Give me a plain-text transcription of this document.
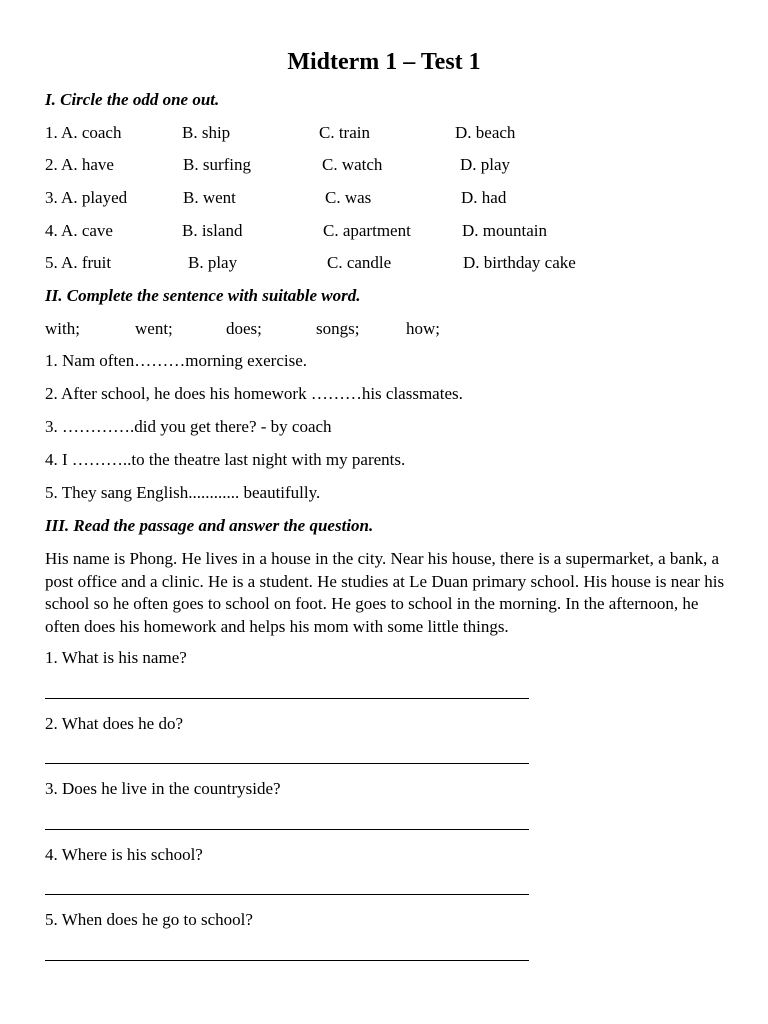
Midterm 1 – Test 1
I. Circle the odd one out.
1. A. coach	B. ship	C. train	D. beach
2. A. have	B. surfing	C. watch	D. play
3. A. played	B. went	C. was	D. had
4. A. cave	B. island	C. apartment	D. mountain
5. A. fruit	B. play	C. candle	D. birthday cake
II. Complete the sentence with suitable word.
with;	went;	does;	songs;	how;
1. Nam often………morning exercise.
2. After school, he does his homework ………his classmates.
3. ………….did you get there? - by coach
4. I ………..to the theatre last night with my parents.
5. They sang English............ beautifully.
III. Read the passage and answer the question.
His name is Phong. He lives in a house in the city. Near his house, there is a supermarket, a bank, a post office and a clinic. He is a student. He studies at Le Duan primary school. His house is near his school so he often goes to school on foot. He goes to school in the morning. In the afternoon, he often does his homework and helps his mom with some little things.
1. What is his name?
2. What does he do?
3. Does he live in the countryside?
4. Where is his school?
5. When does he go to school?
